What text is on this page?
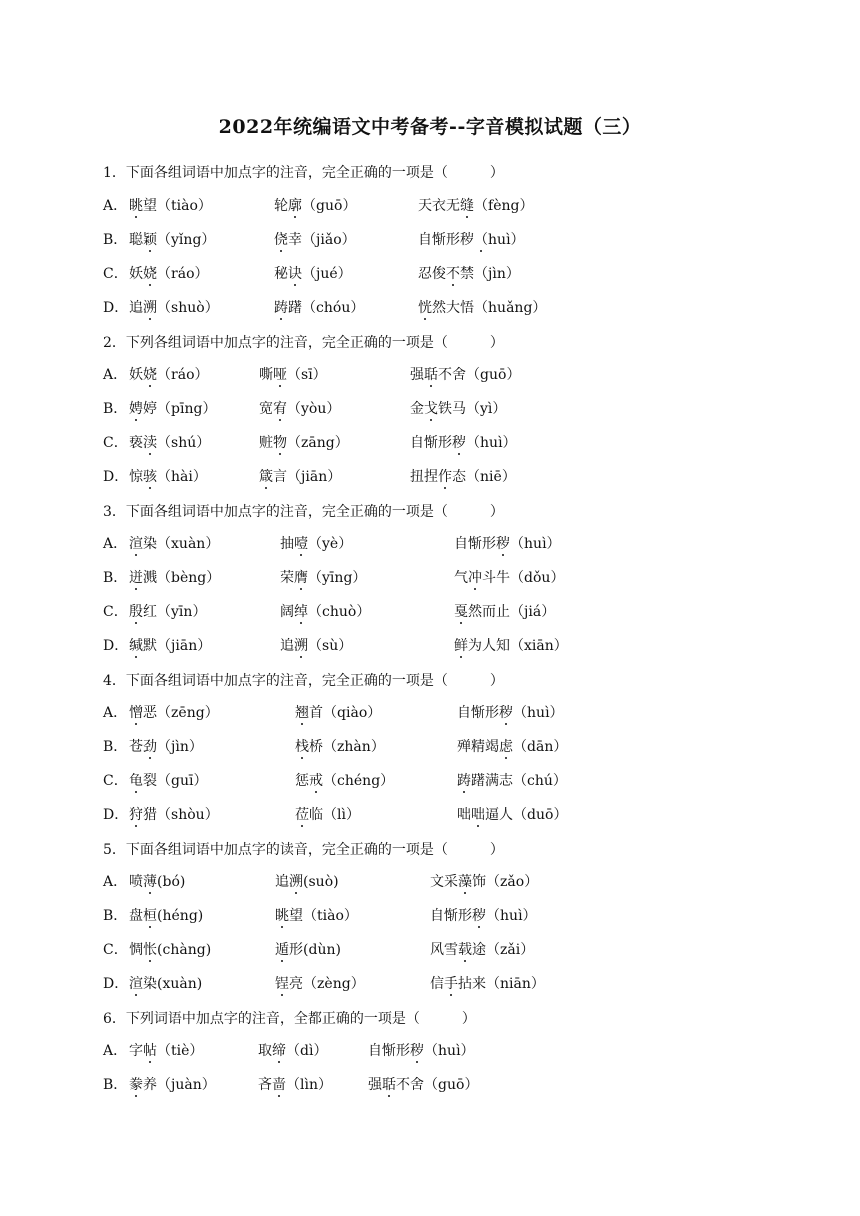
2022年统编语文中考备考--字音模拟试题（三）
1．下面各组词语中加点字的注音，完全正确的一项是（　　　）
A． 眺望（tiào）	轮廓（guō）	天衣无缝（fèng）
B． 聪颖（yǐng）	侥幸（jiǎo）	自惭形秽（huì）
C． 妖娆（ráo）	秘诀（jué）	忍俊不禁（jìn）
D． 追溯（shuò）	踌躇（chóu）	恍然大悟（huǎng）
2．下列各组词语中加点字的注音，完全正确的一项是（　　　）
A． 妖娆（ráo）	嘶哑（sī）	强聒不舍（guō）
B． 娉婷（pīng）	宽宥（yòu）	金戈铁马（yì）
C． 亵渎（shú）	赃物（zāng）	自惭形秽（huì）
D． 惊骇（hài）	箴言（jiān）	扭捏作态（niē）
3．下面各组词语中加点字的注音，完全正确的一项是（　　　）
A． 渲染（xuàn）	抽噎（yè）	自惭形秽（huì）
B． 迸溅（bèng）	荣膺（yīng）	气冲斗牛（dǒu）
C． 殷红（yīn）	阔绰（chuò）	戛然而止（jiá）
D． 缄默（jiān）	追溯（sù）	鲜为人知（xiān）
4．下面各组词语中加点字的注音，完全正确的一项是（　　　）
A． 憎恶（zēng）	翘首（qiào）	自惭形秽（huì）
B． 苍劲（jìn）	栈桥（zhàn）	殚精竭虑（dān）
C． 龟裂（guī）	惩戒（chéng）	踌躇满志（chú）
D． 狩猎（shòu）	莅临（lì）	咄咄逼人（duō）
5．下面各组词语中加点字的读音，完全正确的一项是（　　　）
A． 喷薄(bó)	追溯(suò)	文采藻饰（zǎo）
B． 盘桓(héng)	眺望（tiào）	自惭形秽（huì）
C． 惆怅(chàng)	遁形(dùn)	风雪载途（zǎi）
D． 渲染(xuàn)	锃亮（zèng）	信手拈来（niān）
6．下列词语中加点字的注音，全都正确的一项是（　　　）
A． 字帖（tiè）	取缔（dì）	自惭形秽（huì）
B． 豢养（juàn）	吝啬（lìn）	强聒不舍（guō）
